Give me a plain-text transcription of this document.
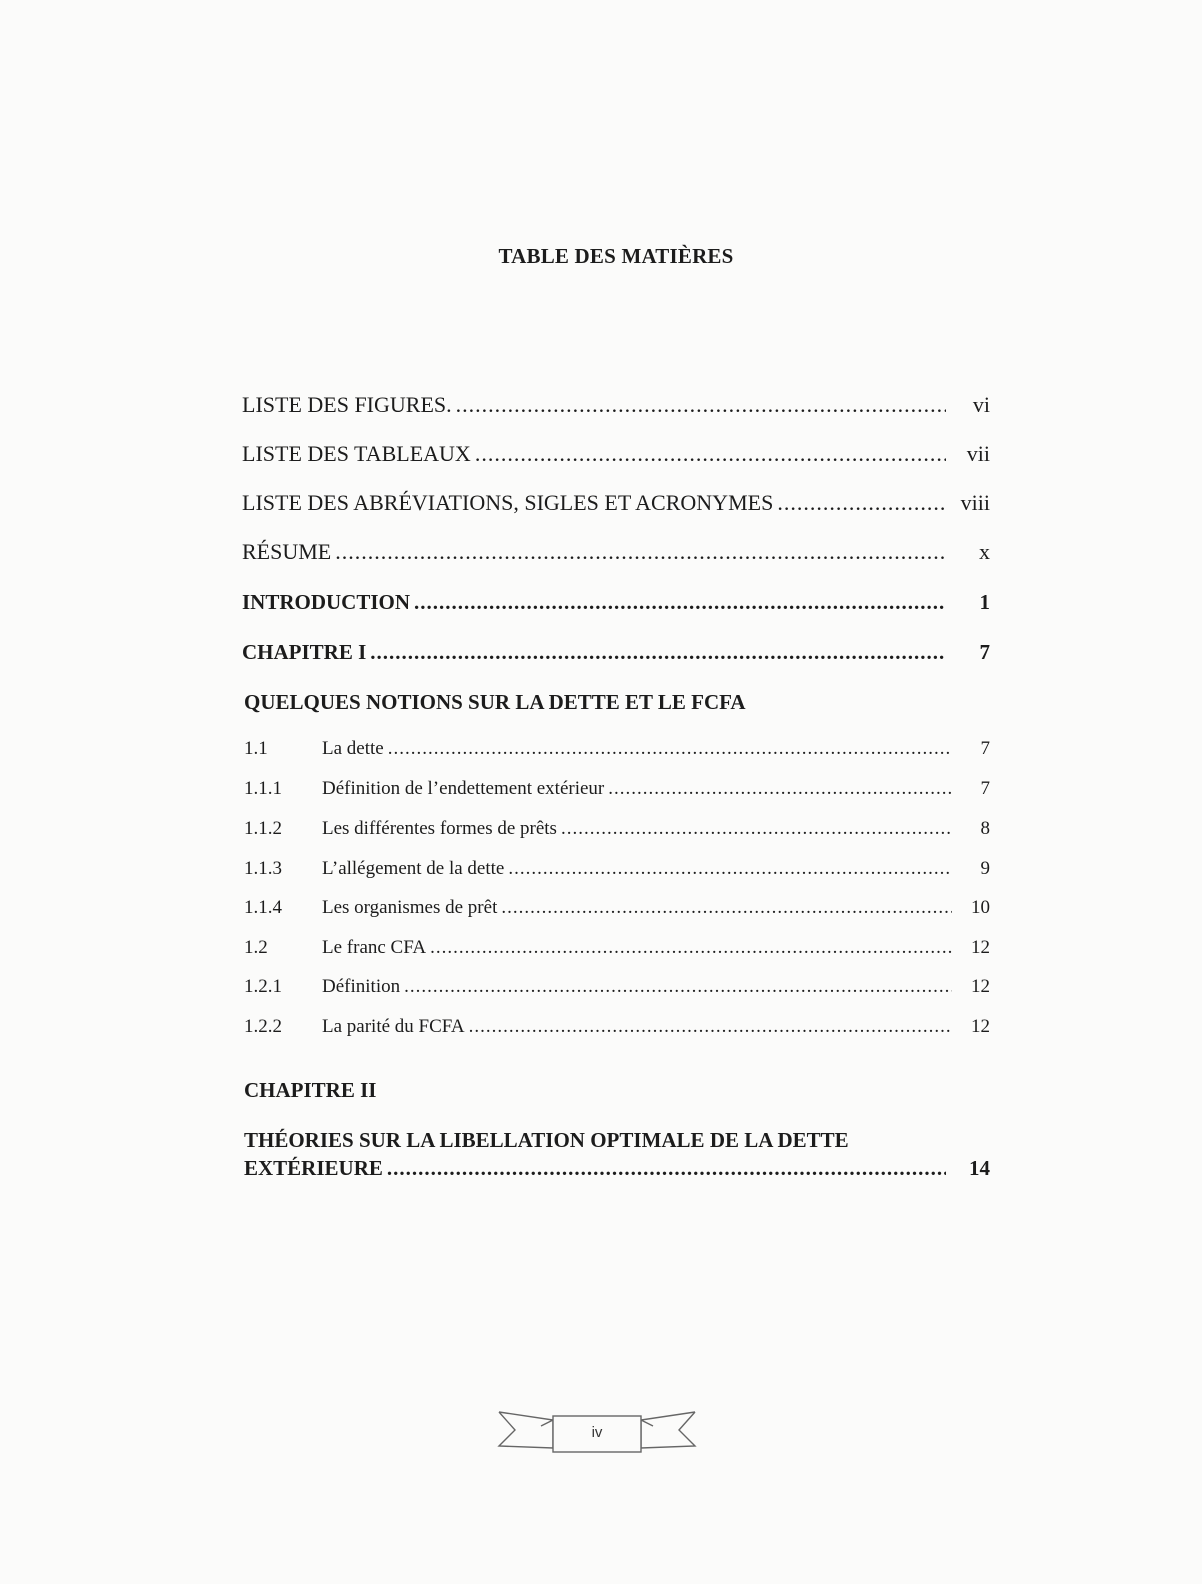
TABLE DES MATIÈRES
LISTE DES FIGURES. .....	vi
LISTE DES TABLEAUX .....	vii
LISTE DES ABRÉVIATIONS, SIGLES ET ACRONYMES .....	viii
RÉSUME .....	x
INTRODUCTION .....	1
CHAPITRE I .....	7
QUELQUES NOTIONS SUR LA DETTE ET LE FCFA
1.1	La dette .....	7
1.1.1	Définition de l’endettement extérieur .....	7
1.1.2	Les différentes formes de prêts .....	8
1.1.3	L’allégement de la dette .....	9
1.1.4	Les organismes de prêt .....	10
1.2	Le franc CFA .....	12
1.2.1	Définition .....	12
1.2.2	La parité du FCFA .....	12
CHAPITRE II
THÉORIES SUR LA LIBELLATION OPTIMALE DE LA DETTE
EXTÉRIEURE .....	14
iv
